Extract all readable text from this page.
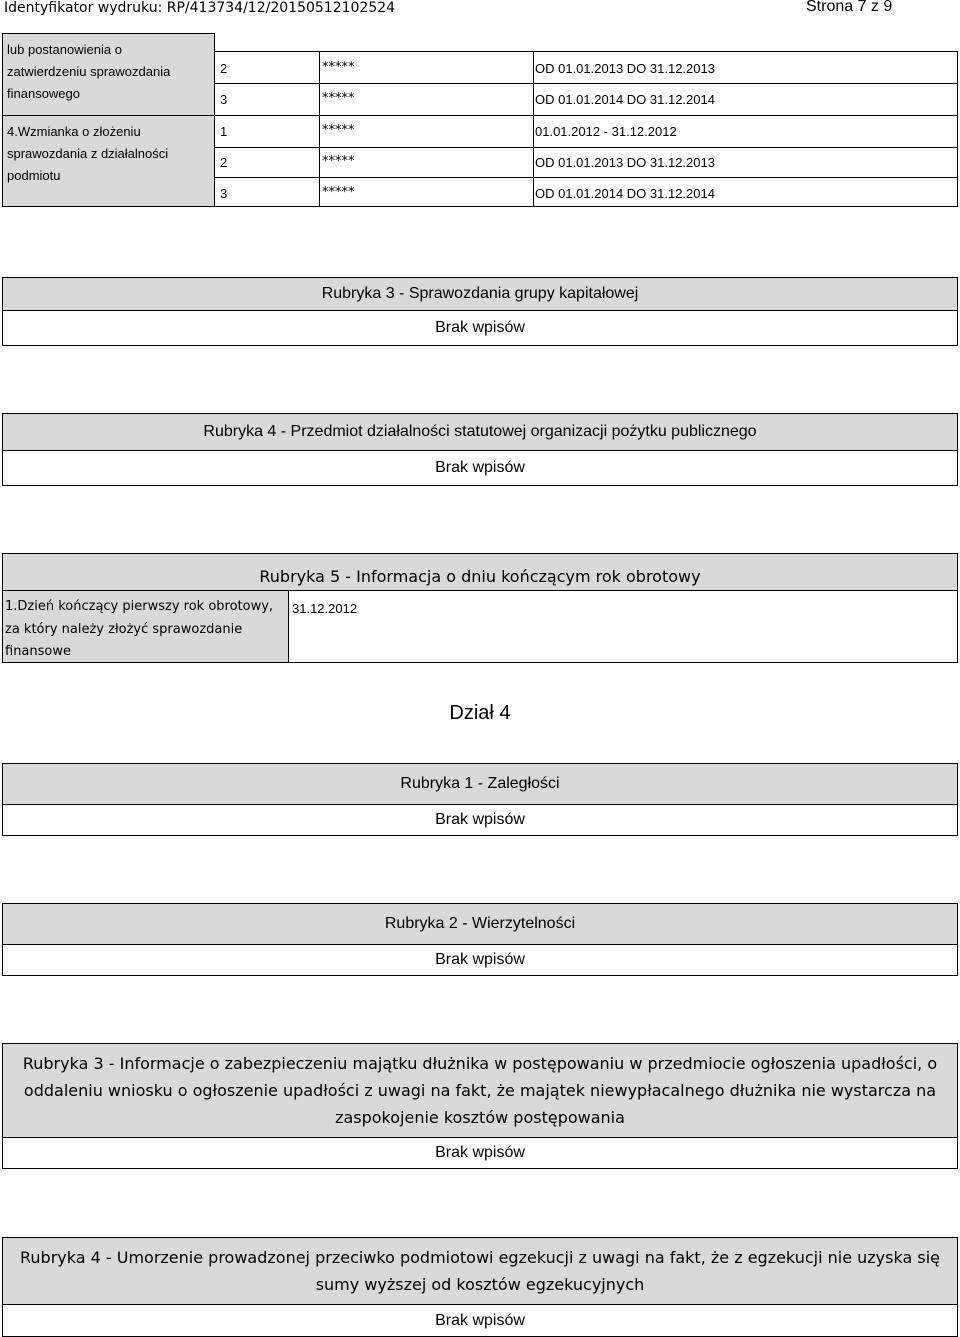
Identyfikator wydruku: RP/413734/12/20150512102524	Strona 7 z 9
lub postanowienia o
zatwierdzeniu sprawozdania
finansowego
2	*****	OD 01.01.2013 DO 31.12.2013
3	*****	OD 01.01.2014 DO 31.12.2014
4.Wzmianka o złożeniu
sprawozdania z działalności
podmiotu
1	*****	01.01.2012 - 31.12.2012
2	*****	OD 01.01.2013 DO 31.12.2013
3	*****	OD 01.01.2014 DO 31.12.2014
Rubryka 3 - Sprawozdania grupy kapitałowej
Brak wpisów
Rubryka 4 - Przedmiot działalności statutowej organizacji pożytku publicznego
Brak wpisów
Rubryka 5 - Informacja o dniu kończącym rok obrotowy
1.Dzień kończący pierwszy rok obrotowy,
za który należy złożyć sprawozdanie
finansowe
31.12.2012
Dział 4
Rubryka 1 - Zaległości
Brak wpisów
Rubryka 2 - Wierzytelności
Brak wpisów
Rubryka 3 - Informacje o zabezpieczeniu majątku dłużnika w postępowaniu w przedmiocie ogłoszenia upadłości, o
oddaleniu wniosku o ogłoszenie upadłości z uwagi na fakt, że majątek niewypłacalnego dłużnika nie wystarcza na
zaspokojenie kosztów postępowania
Brak wpisów
Rubryka 4 - Umorzenie prowadzonej przeciwko podmiotowi egzekucji z uwagi na fakt, że z egzekucji nie uzyska się
sumy wyższej od kosztów egzekucyjnych
Brak wpisów
